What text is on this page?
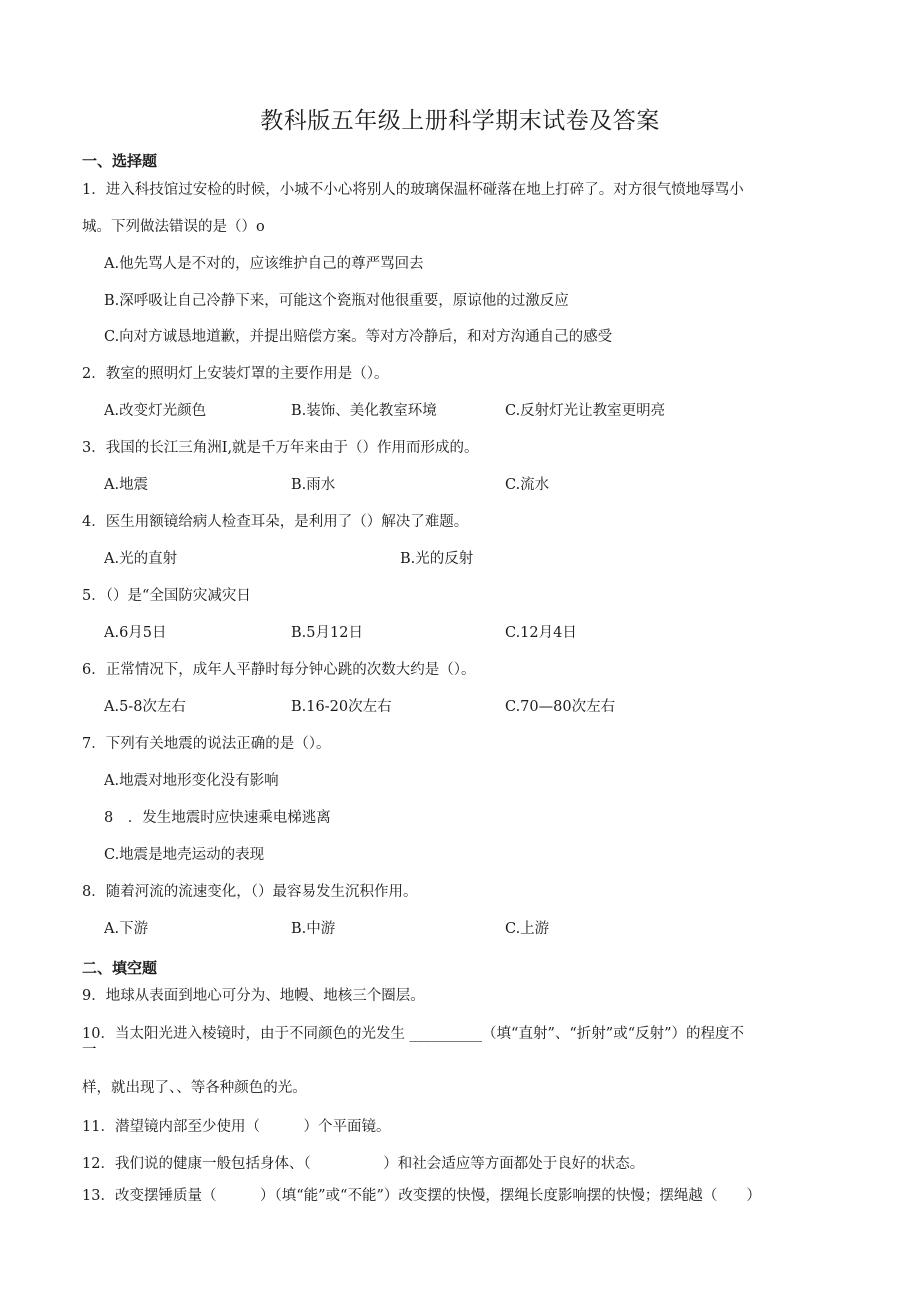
教科版五年级上册科学期末试卷及答案
一、选择题
1．进入科技馆过安检的时候，小城不小心将别人的玻璃保温杯碰落在地上打碎了。对方很气愤地辱骂小
城。下列做法错误的是（）o
A.他先骂人是不对的，应该维护自己的尊严骂回去
B.深呼吸让自己冷静下来，可能这个瓷瓶对他很重要，原谅他的过激反应
C.向对方诚恳地道歉，并提出赔偿方案。等对方冷静后，和对方沟通自己的感受
2．教室的照明灯上安装灯罩的主要作用是（）。
A.改变灯光颜色	B.装饰、美化教室环境	C.反射灯光让教室更明亮
3．我国的长江三角洲I,就是千万年来由于（）作用而形成的。
A.地震	B.雨水	C.流水
4．医生用额镜给病人检查耳朵，是利用了（）解决了难题。
A.光的直射	B.光的反射
5．（）是“全国防灾减灾日
A.6月5日	B.5月12日	C.12月4日
6．正常情况下，成年人平静时每分钟心跳的次数大约是（）。
A.5-8次左右	B.16-20次左右	C.70—80次左右
7．下列有关地震的说法正确的是（）。
A.地震对地形变化没有影响
8　．发生地震时应快速乘电梯逃离
C.地震是地壳运动的表现
8．随着河流的流速变化，（）最容易发生沉积作用。
A.下游	B.中游	C.上游
二、填空题
9．地球从表面到地心可分为、地幔、地核三个圈层。
10．当太阳光进入棱镜时，由于不同颜色的光发生 __________（填“直射”、“折射”或“反射”）的程度不
一
样，就出现了、、等各种颜色的光。
11．潜望镜内部至少使用（　　　）个平面镜。
12．我们说的健康一般包括身体、（　　　　　）和社会适应等方面都处于良好的状态。
13．改变摆锤质量（　　　）（填“能”或“不能”）改变摆的快慢，摆绳长度影响摆的快慢；摆绳越（　　）
